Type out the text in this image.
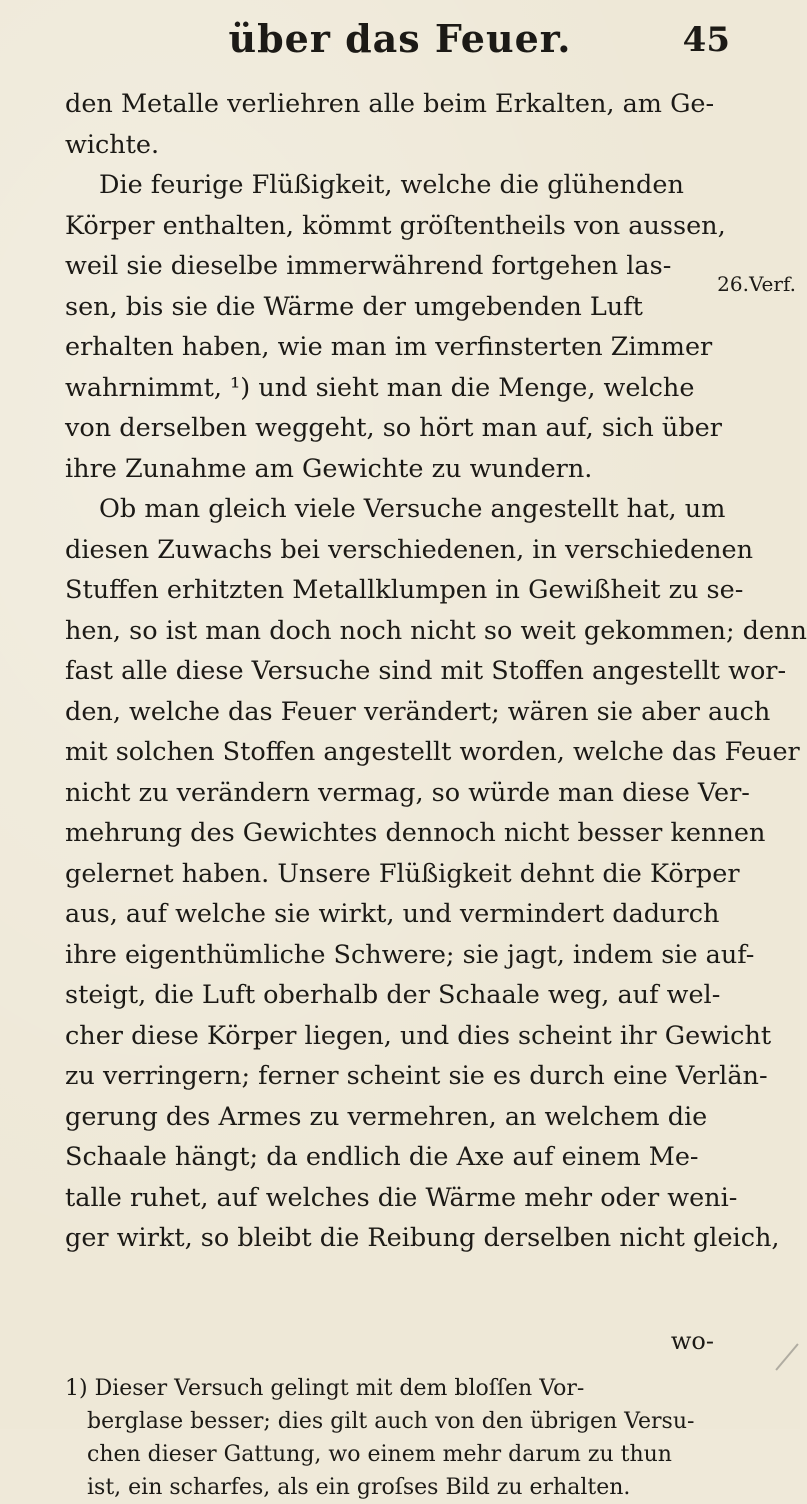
über das Feuer.	45
26.Verf.

den Metalle verliehren alle beim Erkalten, am Ge-
wichte.

Die feurige Flüßigkeit, welche die glühenden
Körper enthalten, kömmt gröſtentheils von aussen,
weil sie dieselbe immerwährend fortgehen las-
sen, bis sie die Wärme der umgebenden Luft
erhalten haben, wie man im verfinsterten Zimmer
wahrnimmt, ¹) und sieht man die Menge, welche
von derselben weggeht, so hört man auf, sich über
ihre Zunahme am Gewichte zu wundern.

Ob man gleich viele Versuche angestellt hat, um
diesen Zuwachs bei verschiedenen, in verschiedenen
Stuffen erhitzten Metallklumpen in Gewißheit zu se-
hen, so ist man doch noch nicht so weit gekommen; denn
fast alle diese Versuche sind mit Stoffen angestellt wor-
den, welche das Feuer verändert; wären sie aber auch
mit solchen Stoffen angestellt worden, welche das Feuer
nicht zu verändern vermag, so würde man diese Ver-
mehrung des Gewichtes dennoch nicht besser kennen
gelernet haben. Unsere Flüßigkeit dehnt die Körper
aus, auf welche sie wirkt, und vermindert dadurch
ihre eigenthümliche Schwere; sie jagt, indem sie auf-
steigt, die Luft oberhalb der Schaale weg, auf wel-
cher diese Körper liegen, und dies scheint ihr Gewicht
zu verringern; ferner scheint sie es durch eine Verlän-
gerung des Armes zu vermehren, an welchem die
Schaale hängt; da endlich die Axe auf einem Me-
talle ruhet, auf welches die Wärme mehr oder weni-
ger wirkt, so bleibt die Reibung derselben nicht gleich,

wo-
1) Dieser Versuch gelingt mit dem bloſſen Vor-
berglase besser; dies gilt auch von den übrigen Versu-
chen dieser Gattung, wo einem mehr darum zu thun
ist, ein scharfes, als ein groſses Bild zu erhalten.
